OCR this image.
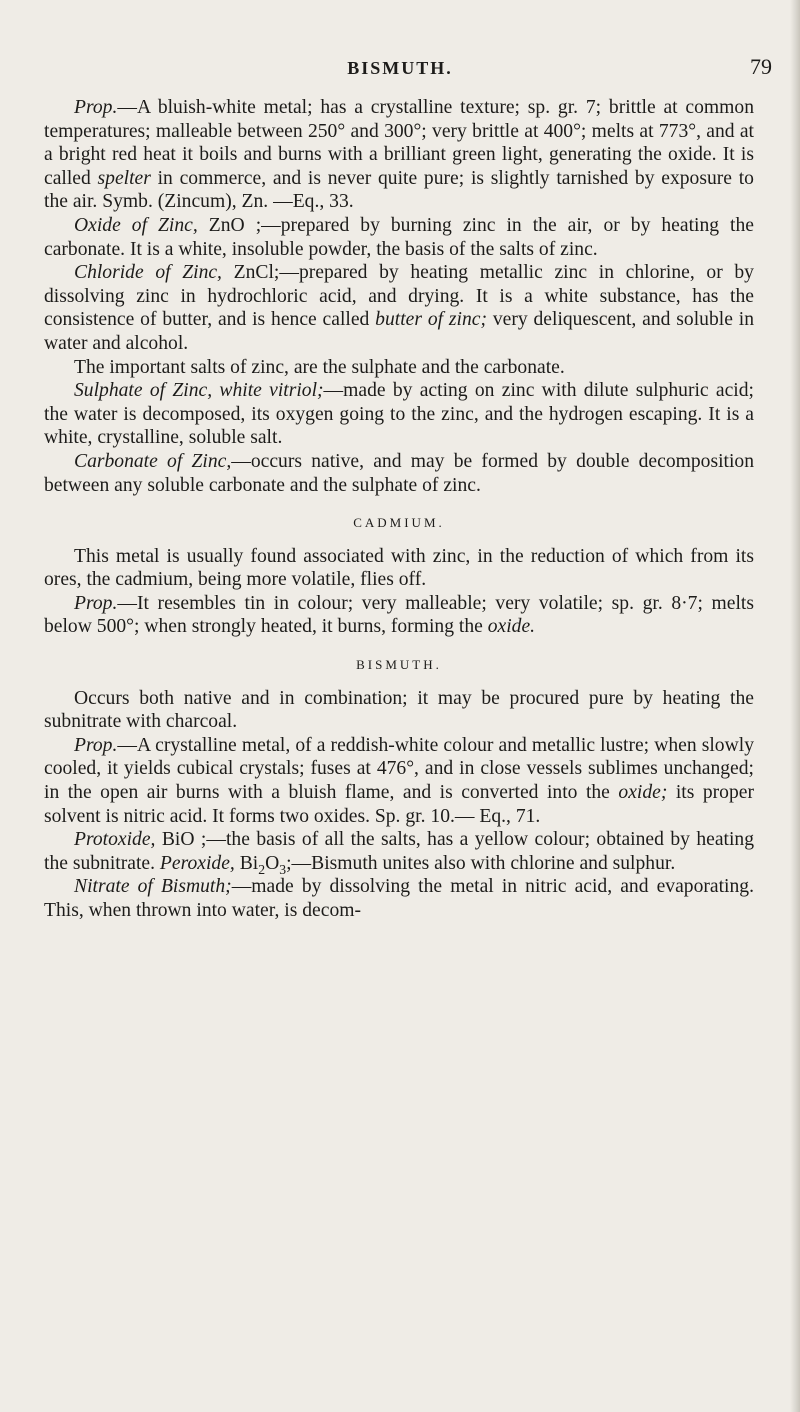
BISMUTH.	79

Prop.—A bluish-white metal; has a crystalline texture; sp. gr. 7; brittle at common temperatures; malleable between 250° and 300°; very brittle at 400°; melts at 773°, and at a bright red heat it boils and burns with a brilliant green light, generating the oxide. It is called spelter in commerce, and is never quite pure; is slightly tarnished by exposure to the air. Symb. (Zincum), Zn. —Eq., 33.

Oxide of Zinc, ZnO ;—prepared by burning zinc in the air, or by heating the carbonate. It is a white, insoluble powder, the basis of the salts of zinc.

Chloride of Zinc, ZnCl;—prepared by heating metallic zinc in chlorine, or by dissolving zinc in hydrochloric acid, and drying. It is a white substance, has the consistence of butter, and is hence called butter of zinc; very deliquescent, and soluble in water and alcohol.

The important salts of zinc, are the sulphate and the carbonate.

Sulphate of Zinc, white vitriol;—made by acting on zinc with dilute sulphuric acid; the water is decomposed, its oxygen going to the zinc, and the hydrogen escaping. It is a white, crystalline, soluble salt.

Carbonate of Zinc,—occurs native, and may be formed by double decomposition between any soluble carbonate and the sulphate of zinc.

CADMIUM.

This metal is usually found associated with zinc, in the reduction of which from its ores, the cadmium, being more volatile, flies off.

Prop.—It resembles tin in colour; very malleable; very volatile; sp. gr. 8·7; melts below 500°; when strongly heated, it burns, forming the oxide.

BISMUTH.

Occurs both native and in combination; it may be procured pure by heating the subnitrate with charcoal.

Prop.—A crystalline metal, of a reddish-white colour and metallic lustre; when slowly cooled, it yields cubical crystals; fuses at 476°, and in close vessels sublimes unchanged; in the open air burns with a bluish flame, and is converted into the oxide; its proper solvent is nitric acid. It forms two oxides. Sp. gr. 10.— Eq., 71.

Protoxide, BiO ;—the basis of all the salts, has a yellow colour; obtained by heating the subnitrate. Peroxide, $Bi_2O_3;—Bismuth$ unites also with chlorine and sulphur.

Nitrate of Bismuth;—made by dissolving the metal in nitric acid, and evaporating. This, when thrown into water, is decom-
